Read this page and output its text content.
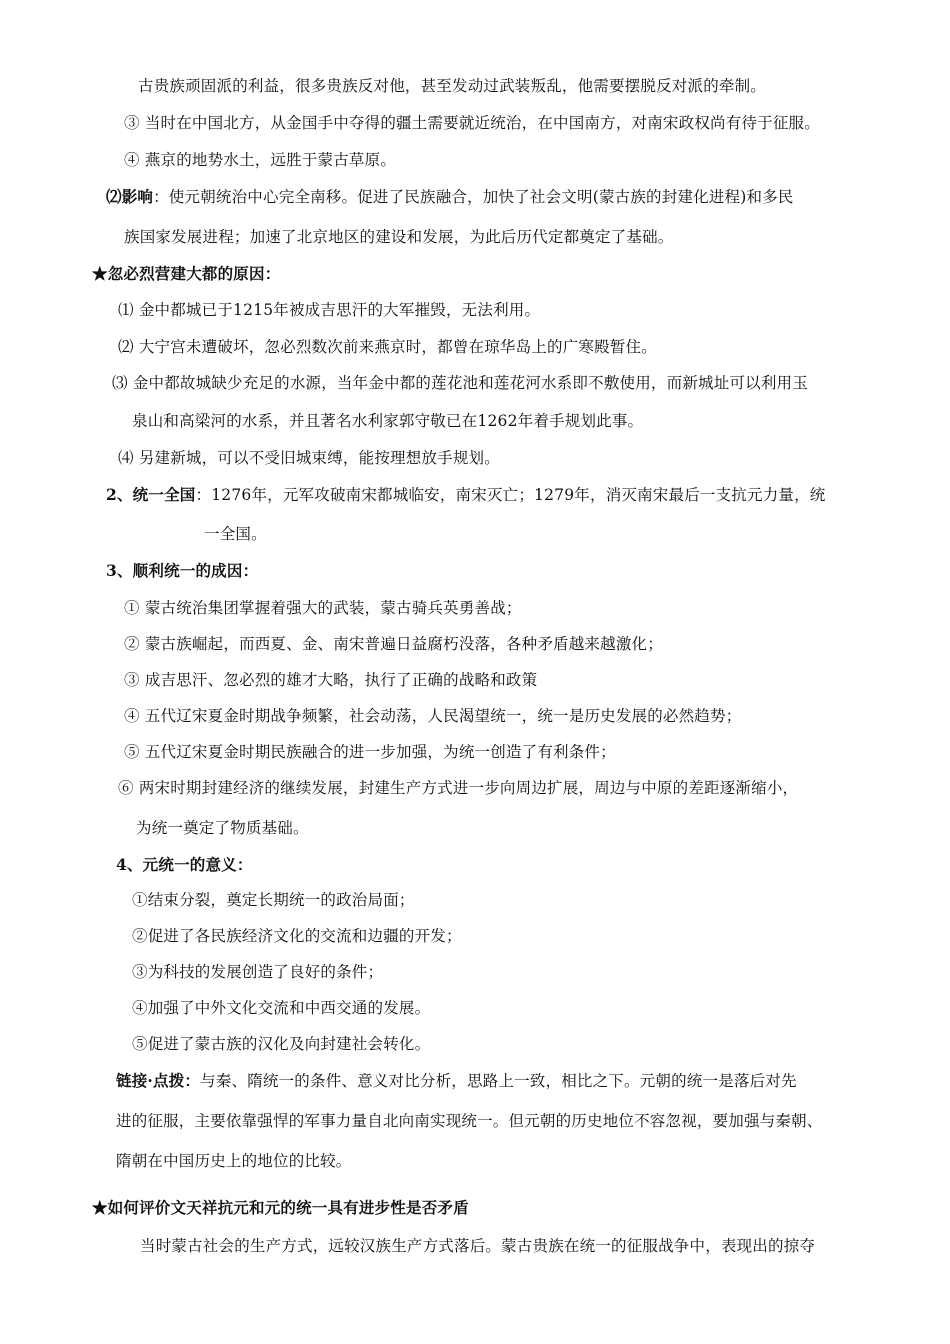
古贵族顽固派的利益，很多贵族反对他，甚至发动过武装叛乱，他需要摆脱反对派的牵制。
③ 当时在中国北方，从金国手中夺得的疆土需要就近统治，在中国南方，对南宋政权尚有待于征服。
④ 燕京的地势水土，远胜于蒙古草原。
⑵影响：使元朝统治中心完全南移。促进了民族融合，加快了社会文明(蒙古族的封建化进程)和多民
族国家发展进程；加速了北京地区的建设和发展，为此后历代定都奠定了基础。
★忽必烈营建大都的原因：
⑴ 金中都城已于1215年被成吉思汗的大军摧毁，无法利用。
⑵ 大宁宫未遭破坏，忽必烈数次前来燕京时，都曾在琼华岛上的广寒殿暂住。
⑶ 金中都故城缺少充足的水源，当年金中都的莲花池和莲花河水系即不敷使用，而新城址可以利用玉
泉山和高梁河的水系，并且著名水利家郭守敬已在1262年着手规划此事。
⑷ 另建新城，可以不受旧城束缚，能按理想放手规划。
2、统一全国：1276年，元军攻破南宋都城临安，南宋灭亡；1279年，消灭南宋最后一支抗元力量，统
一全国。
3、顺利统一的成因：
① 蒙古统治集团掌握着强大的武装，蒙古骑兵英勇善战；
② 蒙古族崛起，而西夏、金、南宋普遍日益腐朽没落，各种矛盾越来越激化；
③ 成吉思汗、忽必烈的雄才大略，执行了正确的战略和政策
④ 五代辽宋夏金时期战争频繁，社会动荡，人民渴望统一，统一是历史发展的必然趋势；
⑤ 五代辽宋夏金时期民族融合的进一步加强，为统一创造了有利条件；
⑥ 两宋时期封建经济的继续发展，封建生产方式进一步向周边扩展，周边与中原的差距逐渐缩小，
为统一奠定了物质基础。
4、元统一的意义：
①结束分裂，奠定长期统一的政治局面；
②促进了各民族经济文化的交流和边疆的开发；
③为科技的发展创造了良好的条件；
④加强了中外文化交流和中西交通的发展。
⑤促进了蒙古族的汉化及向封建社会转化。
链接·点拨：与秦、隋统一的条件、意义对比分析，思路上一致，相比之下。元朝的统一是落后对先
进的征服，主要依靠强悍的军事力量自北向南实现统一。但元朝的历史地位不容忽视，要加强与秦朝、
隋朝在中国历史上的地位的比较。
★如何评价文天祥抗元和元的统一具有进步性是否矛盾
当时蒙古社会的生产方式，远较汉族生产方式落后。蒙古贵族在统一的征服战争中，表现出的掠夺
